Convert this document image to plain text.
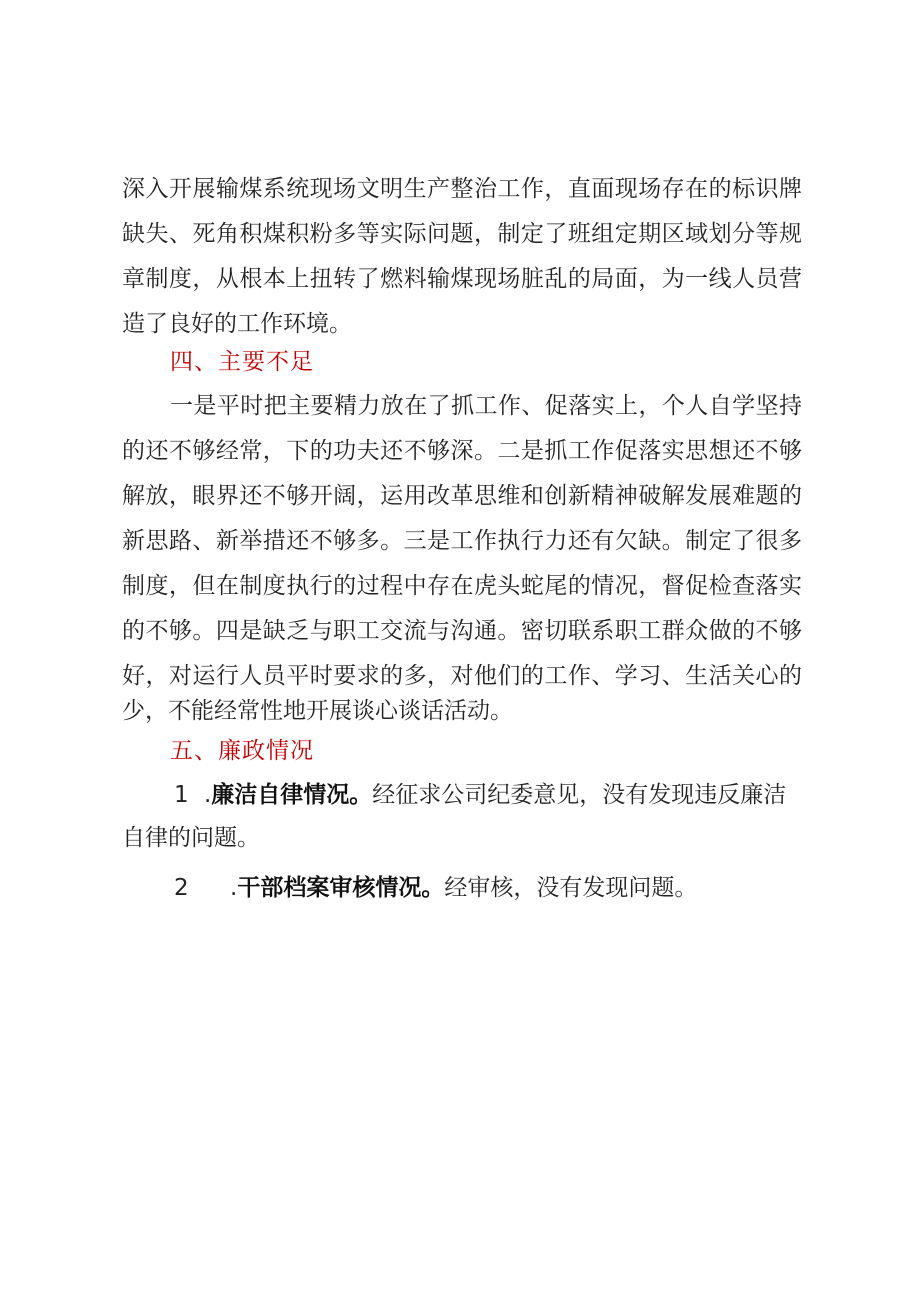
深入开展输煤系统现场文明生产整治工作，直面现场存在的标识牌
缺失、死角积煤积粉多等实际问题，制定了班组定期区域划分等规
章制度，从根本上扭转了燃料输煤现场脏乱的局面，为一线人员营
造了良好的工作环境。
四、主要不足
一是平时把主要精力放在了抓工作、促落实上，个人自学坚持
的还不够经常，下的功夫还不够深。二是抓工作促落实思想还不够
解放，眼界还不够开阔，运用改革思维和创新精神破解发展难题的
新思路、新举措还不够多。三是工作执行力还有欠缺。制定了很多
制度，但在制度执行的过程中存在虎头蛇尾的情况，督促检查落实
的不够。四是缺乏与职工交流与沟通。密切联系职工群众做的不够
好，对运行人员平时要求的多，对他们的工作、学习、生活关心的
少，不能经常性地开展谈心谈话活动。
五、廉政情况
1 .廉洁自律情况。经征求公司纪委意见，没有发现违反廉洁
自律的问题。
2 .干部档案审核情况。经审核，没有发现问题。
